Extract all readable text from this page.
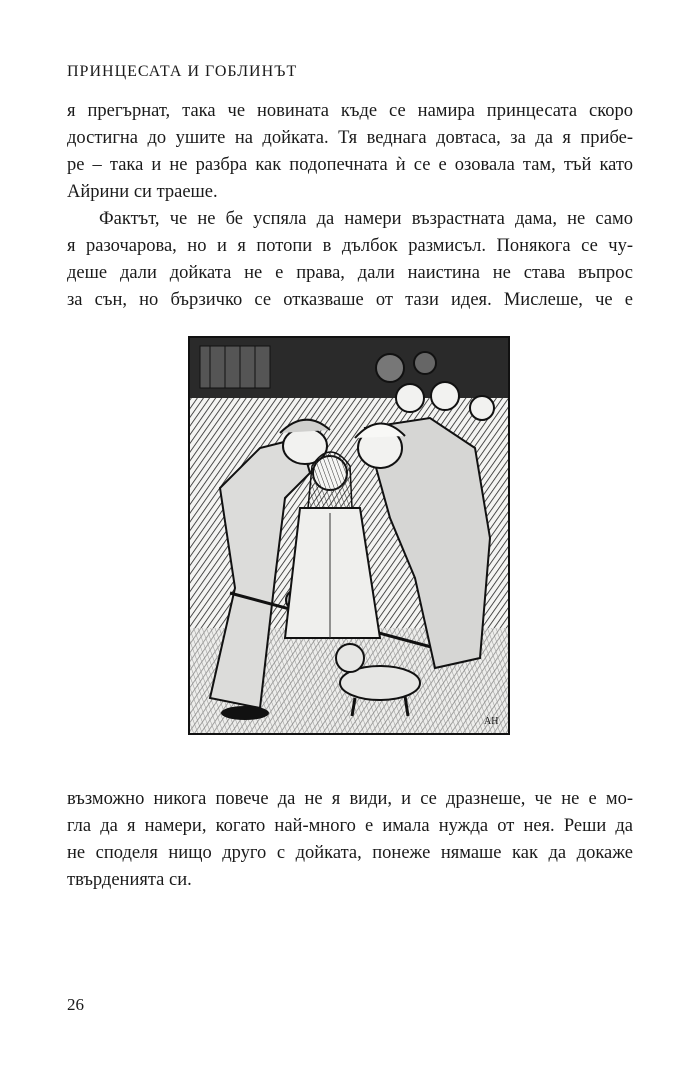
ПРИНЦЕСАТА И ГОБЛИНЪТ

я прегърнат, така че новината къде се намира принцесата скоро
достигна до ушите на дойката. Тя веднага довтаса, за да я прибе-
ре – така и не разбра как подопечната ѝ се е озовала там, тъй като
Айрини си траеше.

Фактът, че не бе успяла да намери възрастната дама, не само
я разочарова, но и я потопи в дълбок размисъл. Понякога се чу-
деше дали дойката не е права, дали наистина не става въпрос
за сън, но бързичко се отказваше от тази идея. Мислеше, че е

AH

възможно никога повече да не я види, и се дразнеше, че не е мо-
гла да я намери, когато най-много е имала нужда от нея. Реши да
не споделя нищо друго с дойката, понеже нямаше как да докаже
твърденията си.

26
